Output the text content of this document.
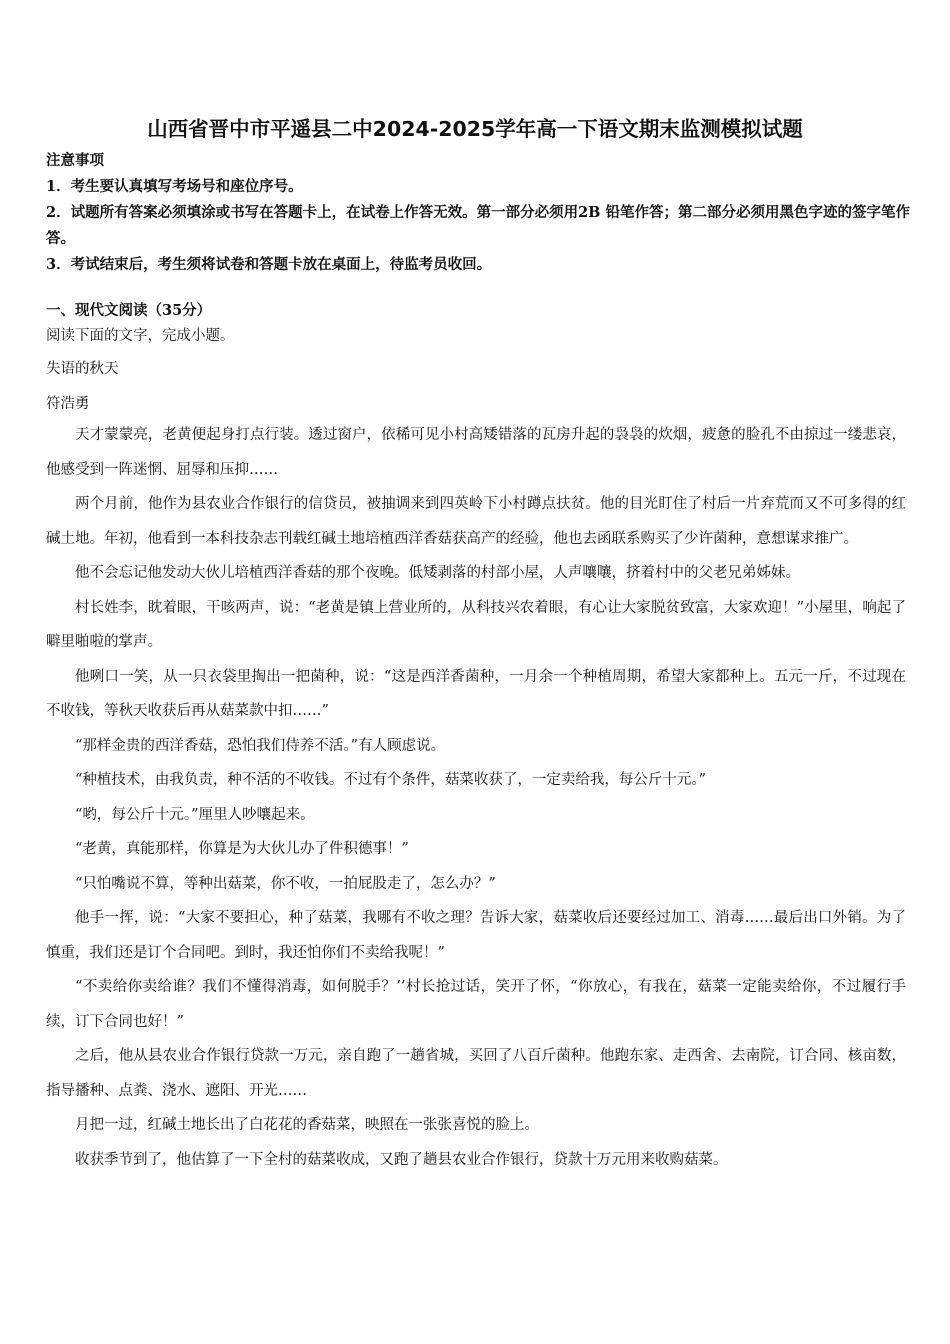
山西省晋中市平遥县二中2024-2025学年高一下语文期末监测模拟试题
注意事项

1．考生要认真填写考场号和座位序号。

2．试题所有答案必须填涂或书写在答题卡上，在试卷上作答无效。第一部分必须用2B 铅笔作答；第二部分必须用黑色字迹的签字笔作答。

3．考试结束后，考生须将试卷和答题卡放在桌面上，待监考员收回。

一、现代文阅读（35分）
阅读下面的文字，完成小题。
失语的秋天
符浩勇

天才蒙蒙亮，老黄便起身打点行装。透过窗户，依稀可见小村高矮错落的瓦房升起的袅袅的炊烟，疲惫的脸孔不由掠过一缕悲哀，他感受到一阵迷惘、屈辱和压抑……

两个月前，他作为县农业合作银行的信贷员，被抽调来到四英岭下小村蹲点扶贫。他的目光盯住了村后一片弃荒而又不可多得的红碱土地。年初，他看到一本科技杂志刊载红碱土地培植西洋香菇获高产的经验，他也去函联系购买了少许菌种，意想谋求推广。

他不会忘记他发动大伙儿培植西洋香菇的那个夜晚。低矮剥落的村部小屋，人声嚷嚷，挤着村中的父老兄弟姊妹。

村长姓李，眈着眼，干咳两声，说：“老黄是镇上营业所的，从科技兴农着眼，有心让大家脱贫致富，大家欢迎！”小屋里，响起了噼里啪啦的掌声。

他咧口一笑，从一只衣袋里掏出一把菌种，说：“这是西洋香菌种，一月余一个种植周期，希望大家都种上。五元一斤，不过现在不收钱，等秋天收获后再从菇菜款中扣……”

“那样金贵的西洋香菇，恐怕我们侍养不活。”有人顾虑说。

“种植技术，由我负责，种不活的不收钱。不过有个条件，菇菜收获了，一定卖给我，每公斤十元。”

“哟，每公斤十元。”厘里人吵嚷起来。

“老黄，真能那样，你算是为大伙儿办了件积德事！”

“只怕嘴说不算，等种出菇菜，你不收，一拍屁股走了，怎么办？”

他手一挥，说：“大家不要担心，种了菇菜，我哪有不收之理？告诉大家，菇菜收后还要经过加工、消毒……最后出口外销。为了慎重，我们还是订个合同吧。到时，我还怕你们不卖给我呢！”

“不卖给你卖给谁？我们不懂得消毒，如何脱手？’’村长抢过话，笑开了怀，“你放心，有我在，菇菜一定能卖给你，不过履行手续，订下合同也好！”

之后，他从县农业合作银行贷款一万元，亲自跑了一趟省城，买回了八百斤菌种。他跑东家、走西舍、去南院，订合同、核亩数，指导播种、点粪、浇水、遮阳、开光……

月把一过，红碱土地长出了白花花的香菇菜，映照在一张张喜悦的脸上。

收获季节到了，他估算了一下全村的菇菜收成，又跑了趟县农业合作银行，贷款十万元用来收购菇菜。
